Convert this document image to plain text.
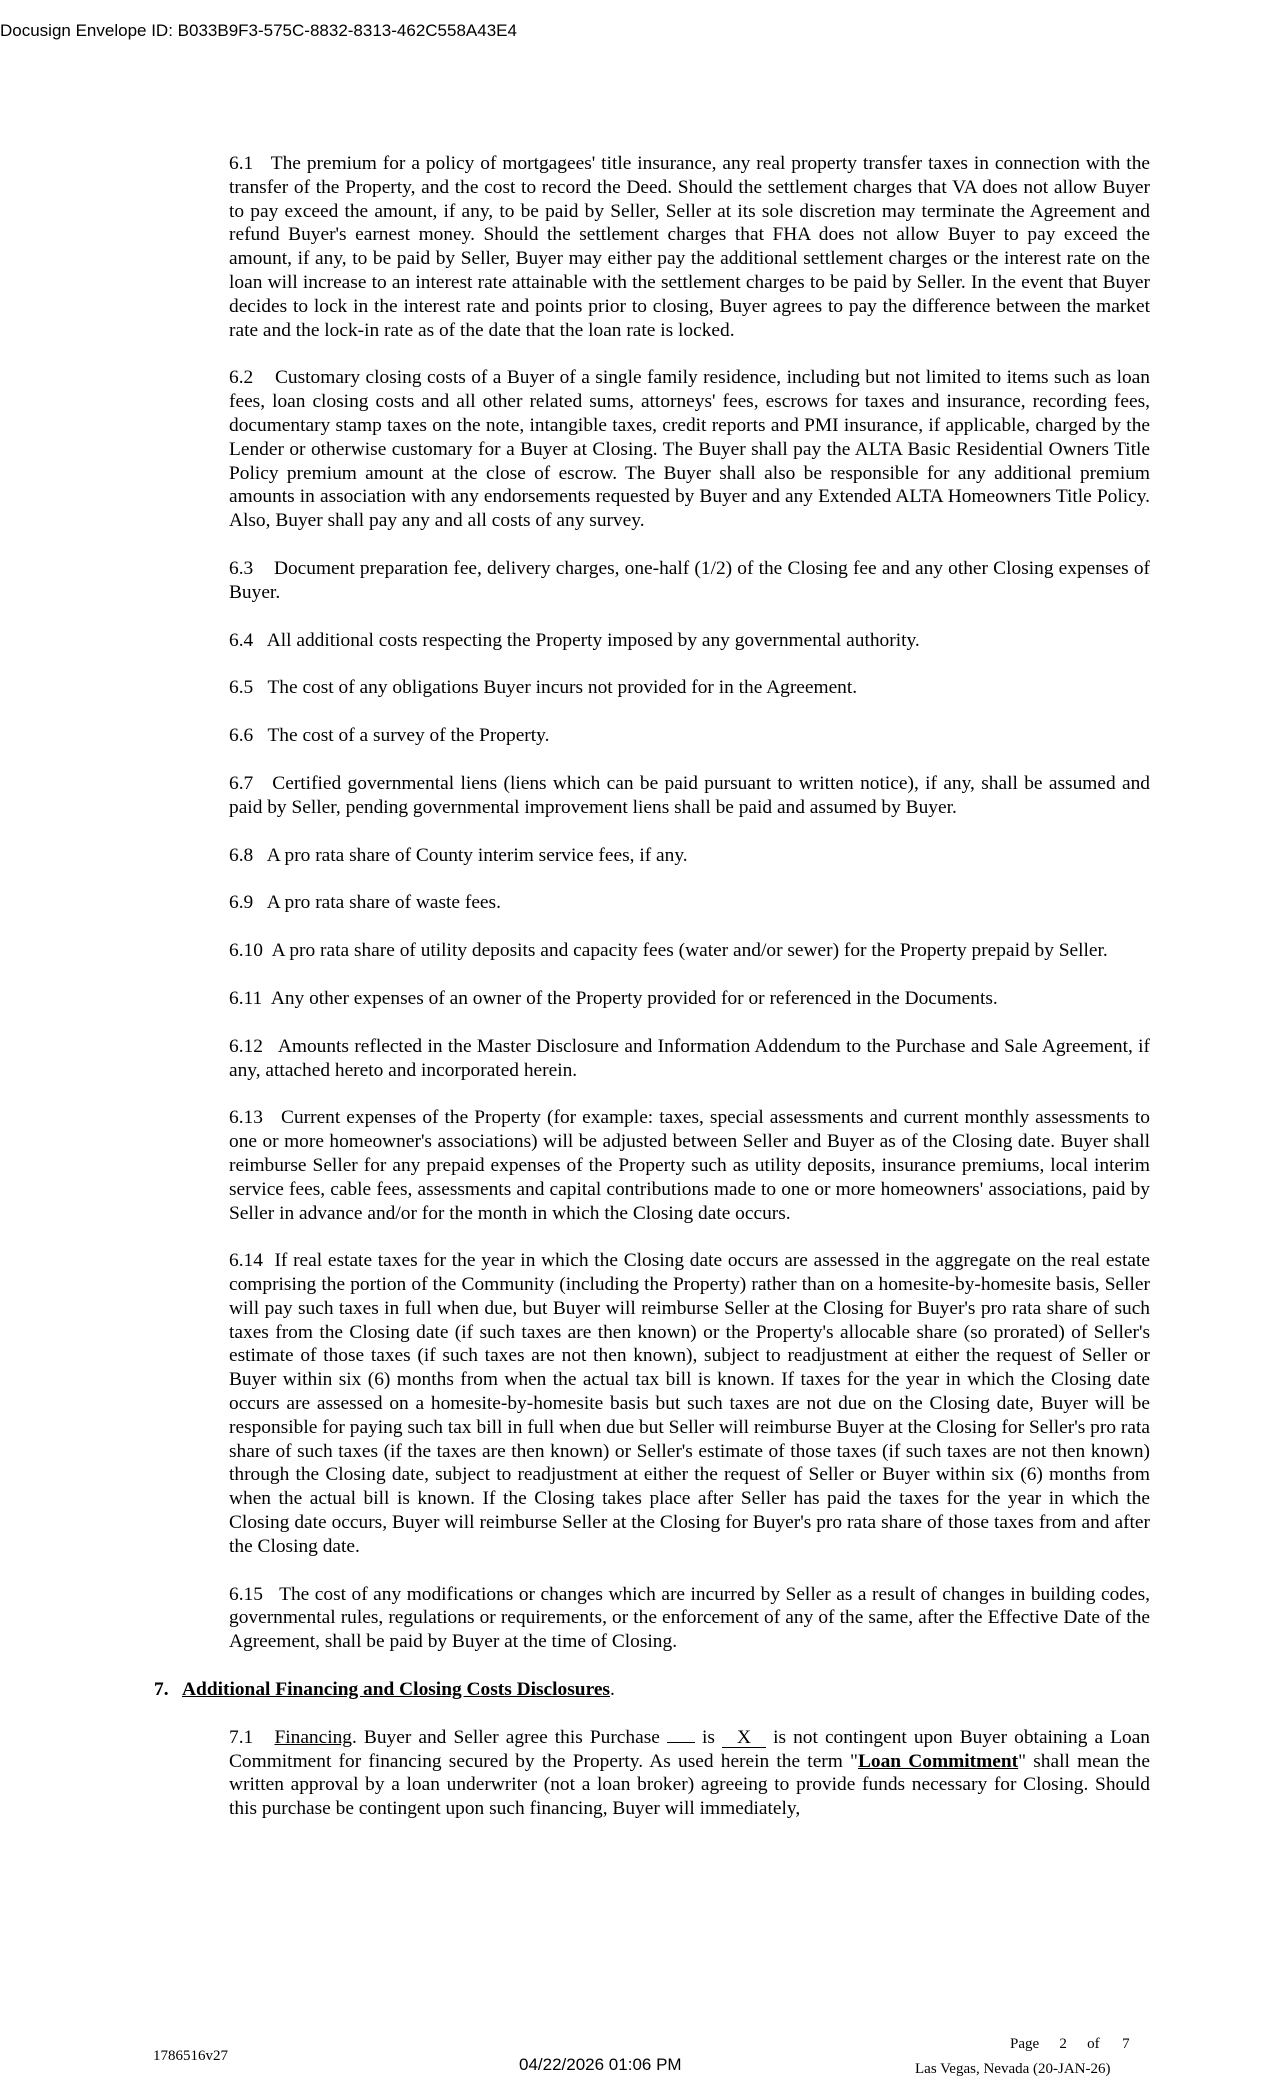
Docusign Envelope ID: B033B9F3-575C-8832-8313-462C558A43E4

6.1 The premium for a policy of mortgagees' title insurance, any real property transfer taxes in connection with the transfer of the Property, and the cost to record the Deed. Should the settlement charges that VA does not allow Buyer to pay exceed the amount, if any, to be paid by Seller, Seller at its sole discretion may terminate the Agreement and refund Buyer's earnest money. Should the settlement charges that FHA does not allow Buyer to pay exceed the amount, if any, to be paid by Seller, Buyer may either pay the additional settlement charges or the interest rate on the loan will increase to an interest rate attainable with the settlement charges to be paid by Seller. In the event that Buyer decides to lock in the interest rate and points prior to closing, Buyer agrees to pay the difference between the market rate and the lock-in rate as of the date that the loan rate is locked.

6.2 Customary closing costs of a Buyer of a single family residence, including but not limited to items such as loan fees, loan closing costs and all other related sums, attorneys' fees, escrows for taxes and insurance, recording fees, documentary stamp taxes on the note, intangible taxes, credit reports and PMI insurance, if applicable, charged by the Lender or otherwise customary for a Buyer at Closing. The Buyer shall pay the ALTA Basic Residential Owners Title Policy premium amount at the close of escrow. The Buyer shall also be responsible for any additional premium amounts in association with any endorsements requested by Buyer and any Extended ALTA Homeowners Title Policy. Also, Buyer shall pay any and all costs of any survey.

6.3 Document preparation fee, delivery charges, one-half (1/2) of the Closing fee and any other Closing expenses of Buyer.

6.4 All additional costs respecting the Property imposed by any governmental authority.

6.5 The cost of any obligations Buyer incurs not provided for in the Agreement.

6.6 The cost of a survey of the Property.

6.7 Certified governmental liens (liens which can be paid pursuant to written notice), if any, shall be assumed and paid by Seller, pending governmental improvement liens shall be paid and assumed by Buyer.

6.8 A pro rata share of County interim service fees, if any.

6.9 A pro rata share of waste fees.

6.10 A pro rata share of utility deposits and capacity fees (water and/or sewer) for the Property prepaid by Seller.

6.11 Any other expenses of an owner of the Property provided for or referenced in the Documents.

6.12 Amounts reflected in the Master Disclosure and Information Addendum to the Purchase and Sale Agreement, if any, attached hereto and incorporated herein.

6.13 Current expenses of the Property (for example: taxes, special assessments and current monthly assessments to one or more homeowner's associations) will be adjusted between Seller and Buyer as of the Closing date. Buyer shall reimburse Seller for any prepaid expenses of the Property such as utility deposits, insurance premiums, local interim service fees, cable fees, assessments and capital contributions made to one or more homeowners' associations, paid by Seller in advance and/or for the month in which the Closing date occurs.

6.14 If real estate taxes for the year in which the Closing date occurs are assessed in the aggregate on the real estate comprising the portion of the Community (including the Property) rather than on a homesite-by-homesite basis, Seller will pay such taxes in full when due, but Buyer will reimburse Seller at the Closing for Buyer's pro rata share of such taxes from the Closing date (if such taxes are then known) or the Property's allocable share (so prorated) of Seller's estimate of those taxes (if such taxes are not then known), subject to readjustment at either the request of Seller or Buyer within six (6) months from when the actual tax bill is known. If taxes for the year in which the Closing date occurs are assessed on a homesite-by-homesite basis but such taxes are not due on the Closing date, Buyer will be responsible for paying such tax bill in full when due but Seller will reimburse Buyer at the Closing for Seller's pro rata share of such taxes (if the taxes are then known) or Seller's estimate of those taxes (if such taxes are not then known) through the Closing date, subject to readjustment at either the request of Seller or Buyer within six (6) months from when the actual bill is known. If the Closing takes place after Seller has paid the taxes for the year in which the Closing date occurs, Buyer will reimburse Seller at the Closing for Buyer's pro rata share of those taxes from and after the Closing date.

6.15 The cost of any modifications or changes which are incurred by Seller as a result of changes in building codes, governmental rules, regulations or requirements, or the enforcement of any of the same, after the Effective Date of the Agreement, shall be paid by Buyer at the time of Closing.

7. Additional Financing and Closing Costs Disclosures.

7.1 Financing. Buyer and Seller agree this Purchase is X is not contingent upon Buyer obtaining a Loan Commitment for financing secured by the Property. As used herein the term "Loan Commitment" shall mean the written approval by a loan underwriter (not a loan broker) agreeing to provide funds necessary for Closing. Should this purchase be contingent upon such financing, Buyer will immediately,

1786516v27	04/22/2026 01:06 PM
Page 2 of 7
Las Vegas, Nevada (20-JAN-26)
